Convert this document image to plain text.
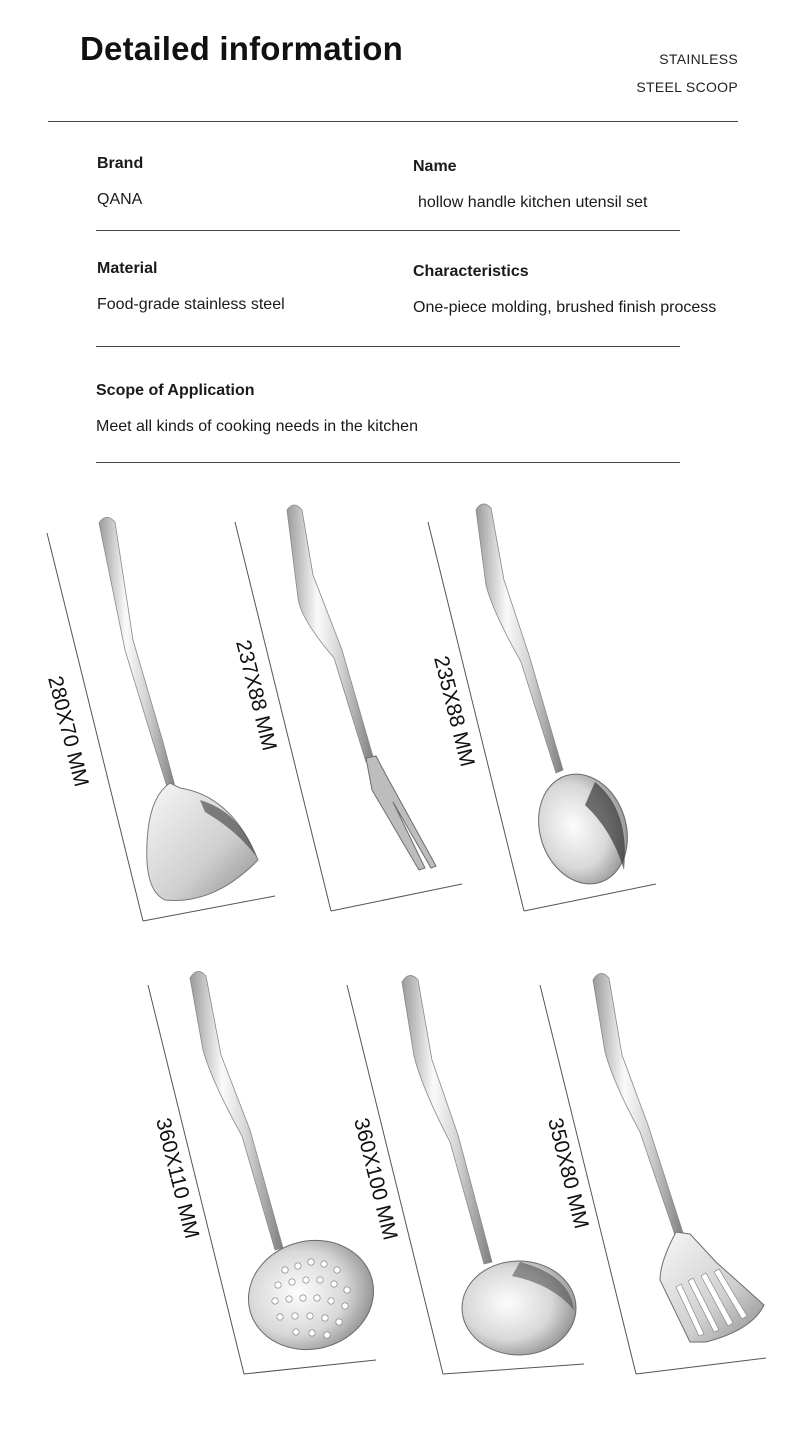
Detailed information	STAINLESS
STEEL SCOOP
Brand
QANA
Name
hollow handle kitchen utensil set
Material
Food-grade stainless steel
Characteristics
One-piece molding, brushed finish process
Scope of Application
Meet all kinds of cooking needs in the kitchen
280X70 MM	237X88 MM	235X88 MM
360X110 MM	360X100 MM	350X80 MM
